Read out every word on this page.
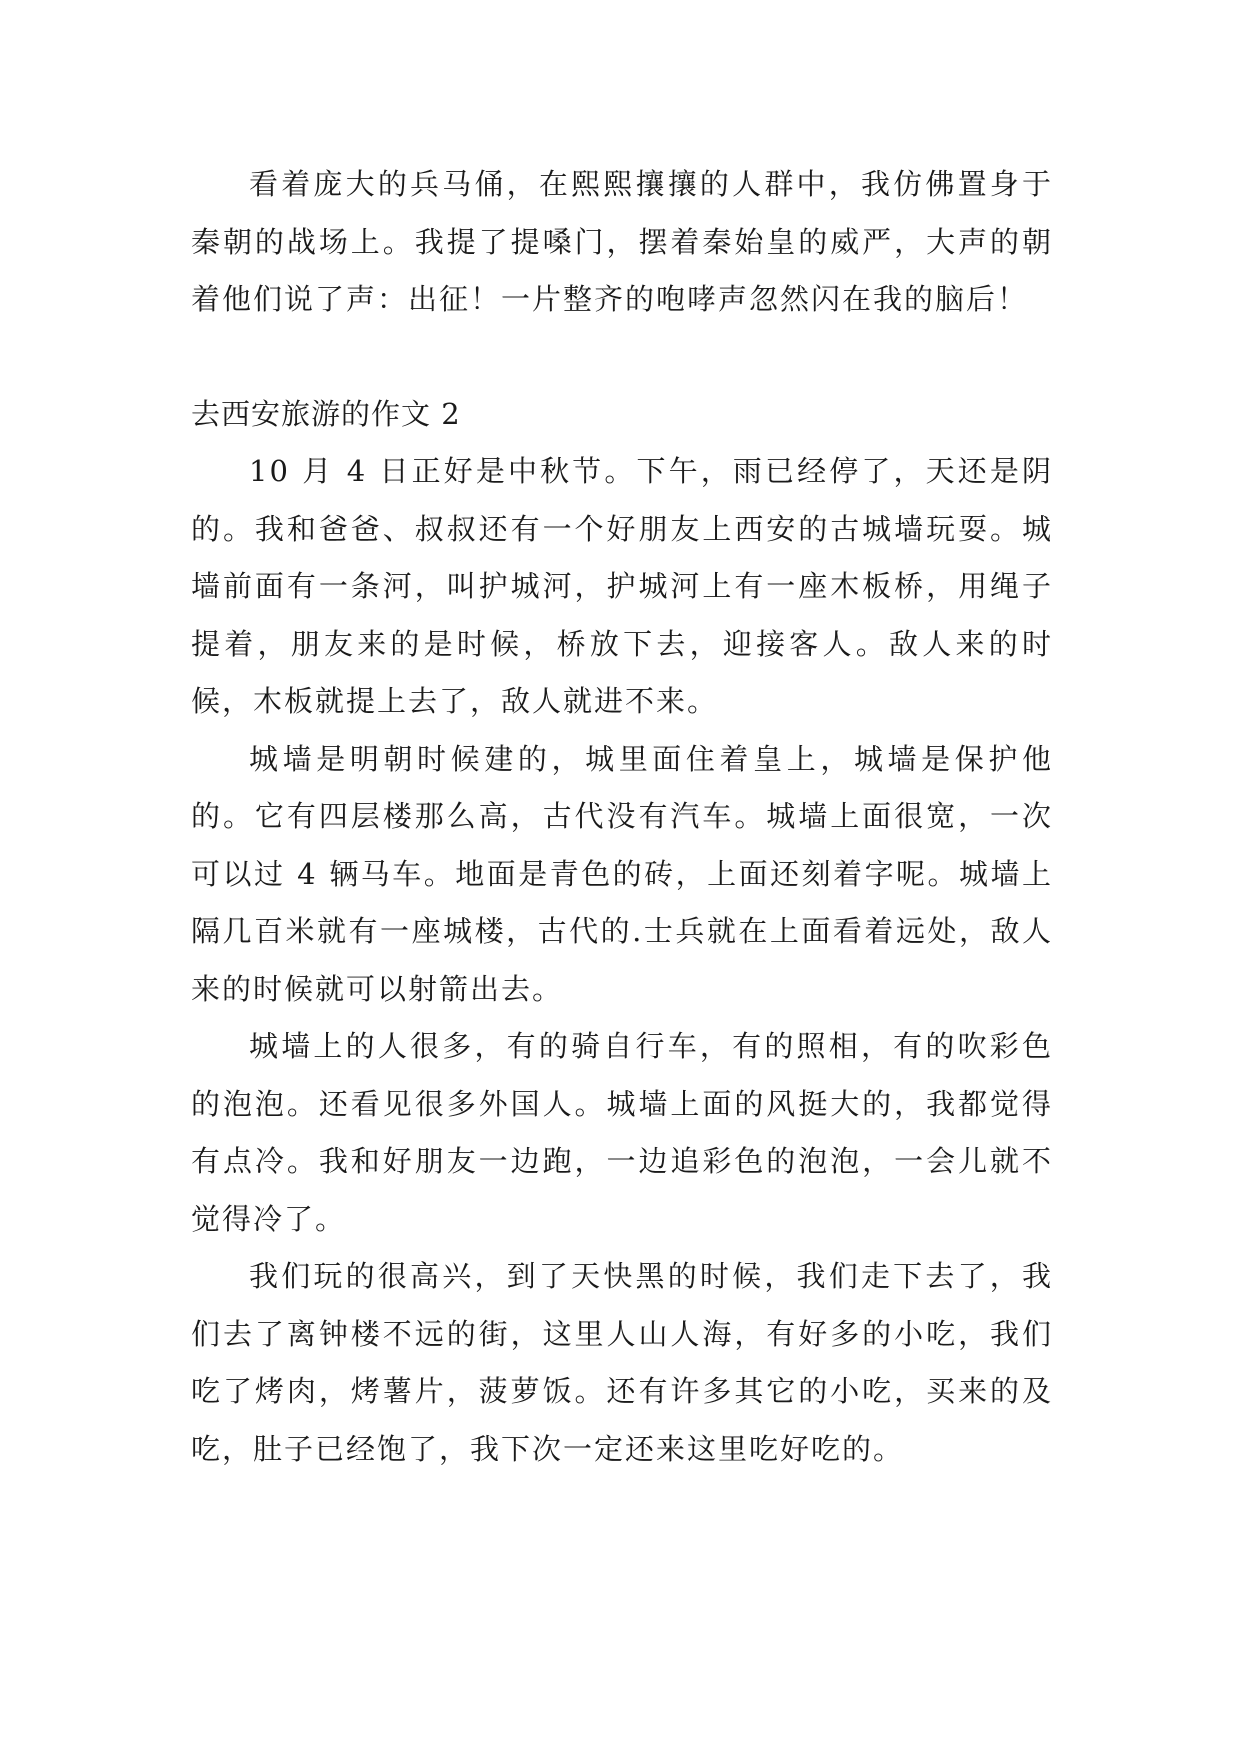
看着庞大的兵马俑，在熙熙攘攘的人群中，我仿佛置身于秦朝的战场上。我提了提嗓门，摆着秦始皇的威严，大声的朝着他们说了声：出征！一片整齐的咆哮声忽然闪在我的脑后！

去西安旅游的作文 2

10 月 4 日正好是中秋节。下午，雨已经停了，天还是阴的。我和爸爸、叔叔还有一个好朋友上西安的古城墙玩耍。城墙前面有一条河，叫护城河，护城河上有一座木板桥，用绳子提着，朋友来的是时候，桥放下去，迎接客人。敌人来的时候，木板就提上去了，敌人就进不来。

城墙是明朝时候建的，城里面住着皇上，城墙是保护他的。它有四层楼那么高，古代没有汽车。城墙上面很宽，一次可以过 4 辆马车。地面是青色的砖，上面还刻着字呢。城墙上隔几百米就有一座城楼，古代的.士兵就在上面看着远处，敌人来的时候就可以射箭出去。

城墙上的人很多，有的骑自行车，有的照相，有的吹彩色的泡泡。还看见很多外国人。城墙上面的风挺大的，我都觉得有点冷。我和好朋友一边跑，一边追彩色的泡泡，一会儿就不觉得冷了。

我们玩的很高兴，到了天快黑的时候，我们走下去了，我们去了离钟楼不远的街，这里人山人海，有好多的小吃，我们吃了烤肉，烤薯片，菠萝饭。还有许多其它的小吃，买来的及吃，肚子已经饱了，我下次一定还来这里吃好吃的。
